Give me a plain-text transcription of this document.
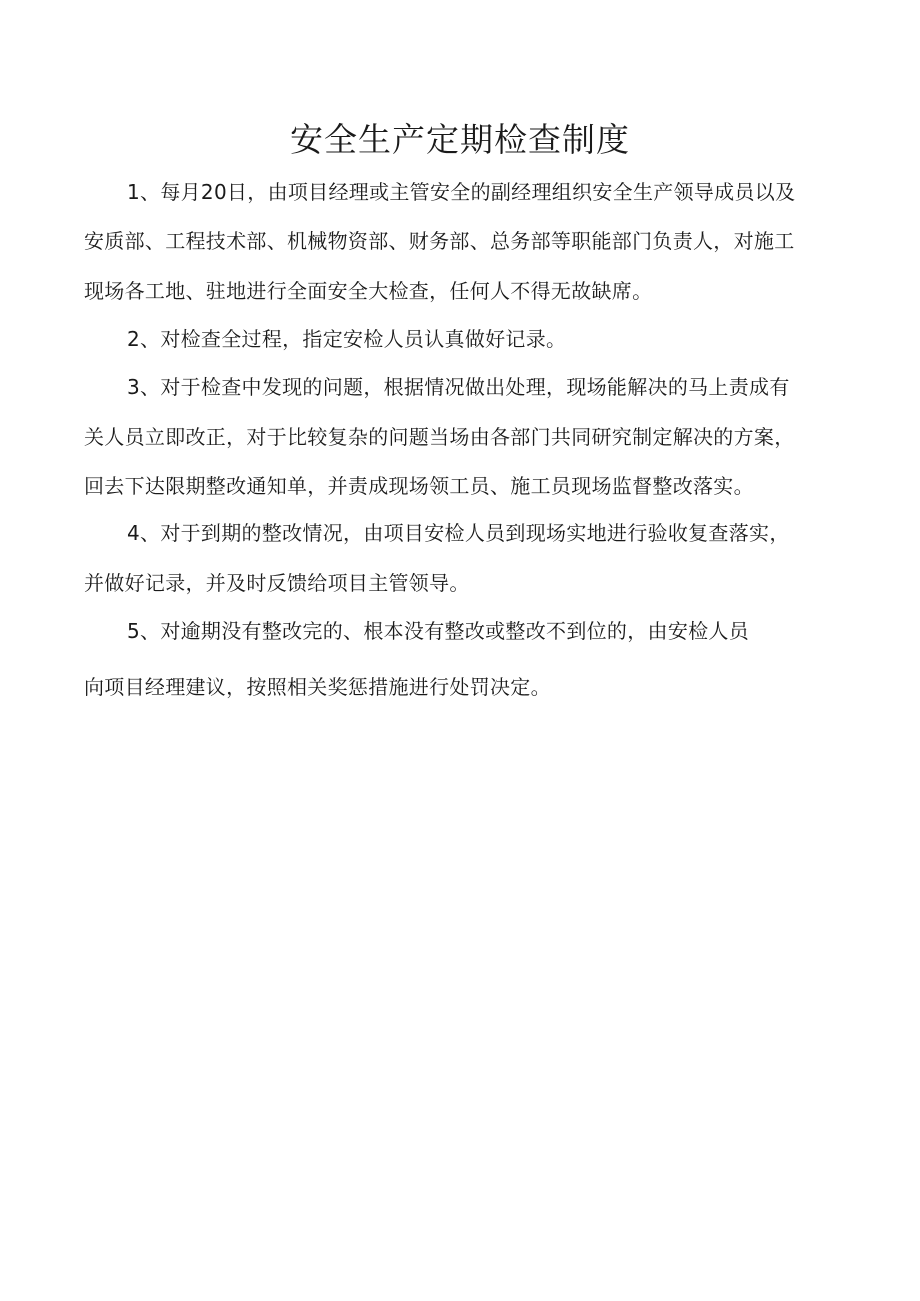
安全生产定期检查制度
1、每月20日，由项目经理或主管安全的副经理组织安全生产领导成员以及
安质部、工程技术部、机械物资部、财务部、总务部等职能部门负责人，对施工
现场各工地、驻地进行全面安全大检查，任何人不得无故缺席。
2、对检查全过程，指定安检人员认真做好记录。
3、对于检查中发现的问题，根据情况做出处理，现场能解决的马上责成有
关人员立即改正，对于比较复杂的问题当场由各部门共同研究制定解决的方案，
回去下达限期整改通知单，并责成现场领工员、施工员现场监督整改落实。
4、对于到期的整改情况，由项目安检人员到现场实地进行验收复查落实，
并做好记录，并及时反馈给项目主管领导。
5、对逾期没有整改完的、根本没有整改或整改不到位的，由安检人员
向项目经理建议，按照相关奖惩措施进行处罚决定。
